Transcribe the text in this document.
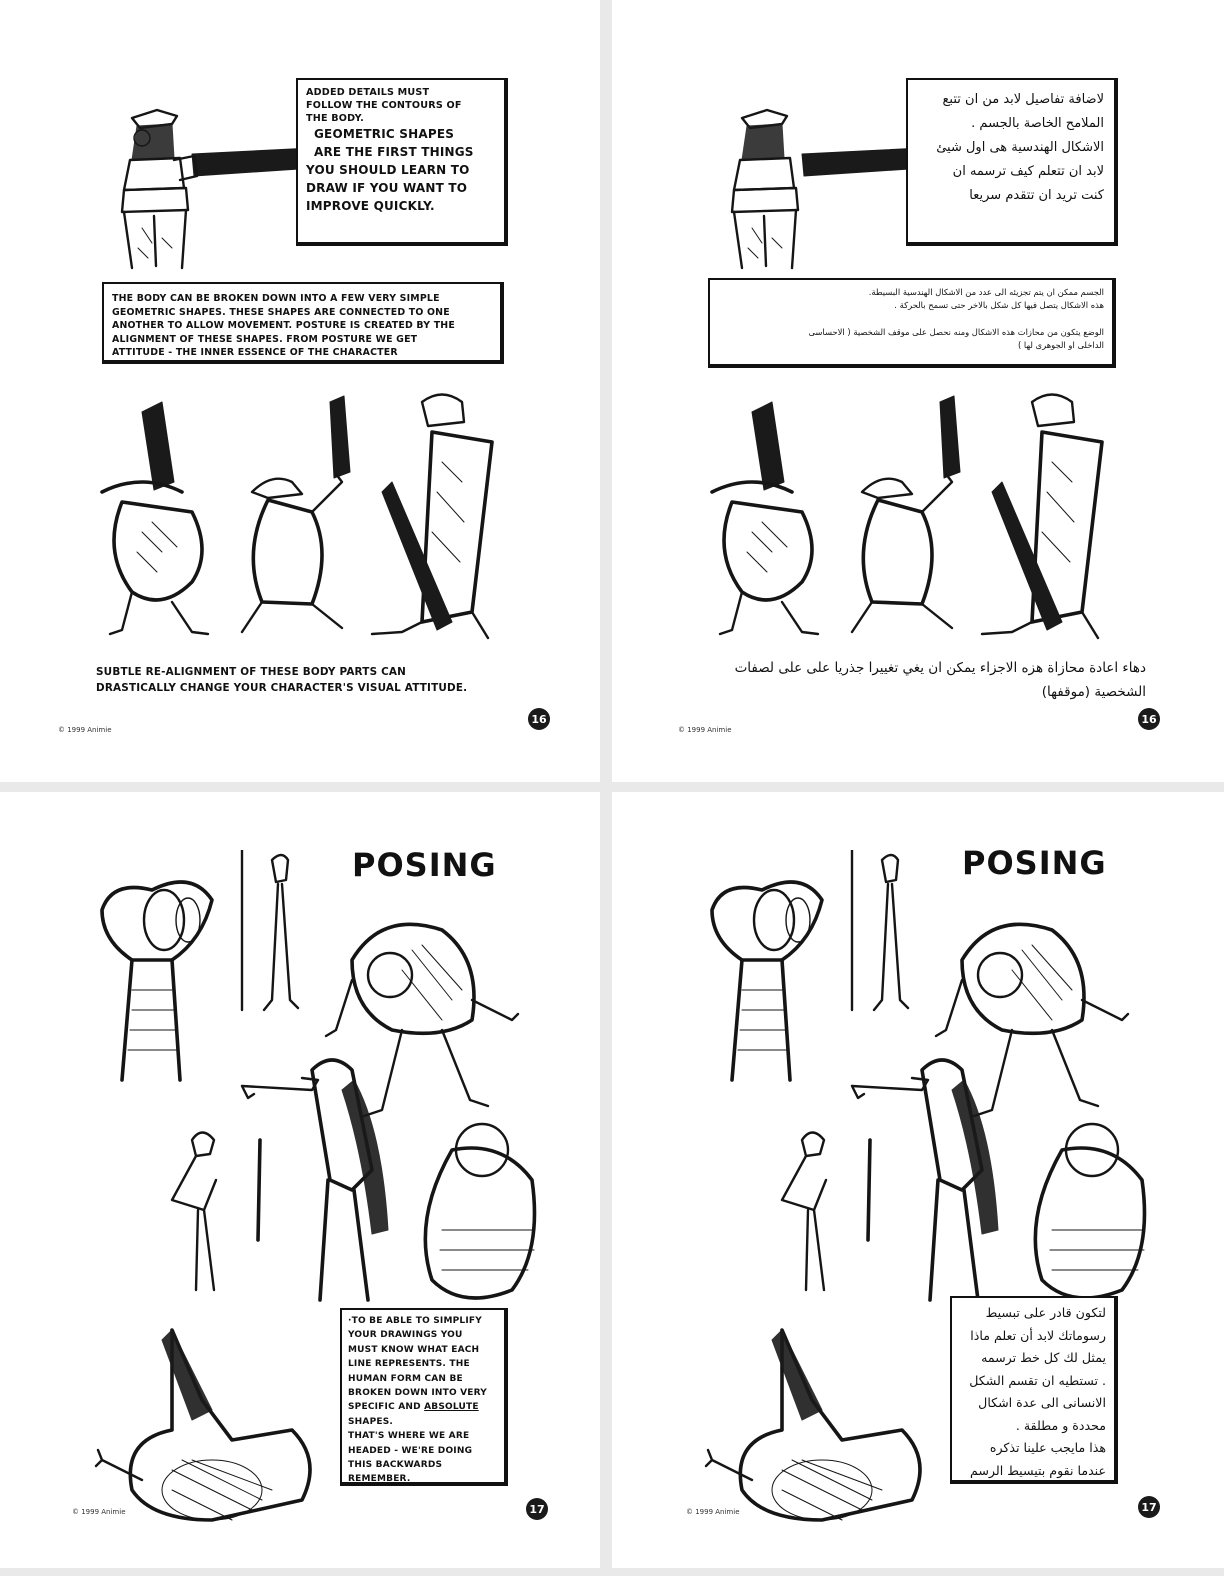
ADDED DETAILS MUST
FOLLOW THE CONTOURS OF
THE BODY.
GEOMETRIC SHAPES
ARE THE FIRST THINGS
YOU SHOULD LEARN TO
DRAW IF YOU WANT TO
IMPROVE QUICKLY.
THE BODY CAN BE BROKEN DOWN INTO A FEW VERY SIMPLE
GEOMETRIC SHAPES. THESE SHAPES ARE CONNECTED TO ONE
ANOTHER TO ALLOW MOVEMENT. POSTURE IS CREATED BY THE
ALIGNMENT OF THESE SHAPES. FROM POSTURE WE GET
ATTITUDE - THE INNER ESSENCE OF THE CHARACTER
SUBTLE RE-ALIGNMENT OF THESE BODY PARTS CAN
DRASTICALLY CHANGE YOUR CHARACTER'S VISUAL ATTITUDE.
© 1999 Animie
16
لاضافة تفاصيل لابد من ان تتبع
الملامح الخاصة بالجسم .
الاشكال الهندسية هى اول شيئ
لابد ان تتعلم كيف ترسمه ان
كنت تريد ان تتقدم سريعا
الجسم ممكن ان يتم تجزيئه الى عدد من الاشكال الهندسية البسيطة.
هذه الاشكال يتصل فيها كل شكل بالاخر حتى تسمح بالحركة .
الوضع يتكون من محازات هذه الاشكال ومنه نحصل على موقف الشخصية ( الاحساسى
الداخلى او الجوهرى لها )
دهاء اعادة محازاة هزه الاجزاء يمكن ان يغي تغييرا جذريا على على لصفات
الشخصية (موقفها)
© 1999 Animie
16
POSING
·TO BE ABLE TO SIMPLIFY
YOUR DRAWINGS YOU
MUST KNOW WHAT EACH
LINE REPRESENTS. THE
HUMAN FORM CAN BE
BROKEN DOWN INTO VERY
SPECIFIC AND ABSOLUTE
SHAPES.
THAT'S WHERE WE ARE
HEADED - WE'RE DOING
THIS BACKWARDS
REMEMBER.
© 1999 Animie	17
POSING
لتكون قادر على تبسيط
رسوماتك لابد أن تعلم ماذا
يمثل لك كل خط ترسمه
. تستطيه ان تقسم الشكل
الانسانى الى عدة اشكال
محددة و مطلقة .
هذا مايجب علينا تذكره
عندما نقوم بتيسيط الرسم
© 1999 Animie	17
